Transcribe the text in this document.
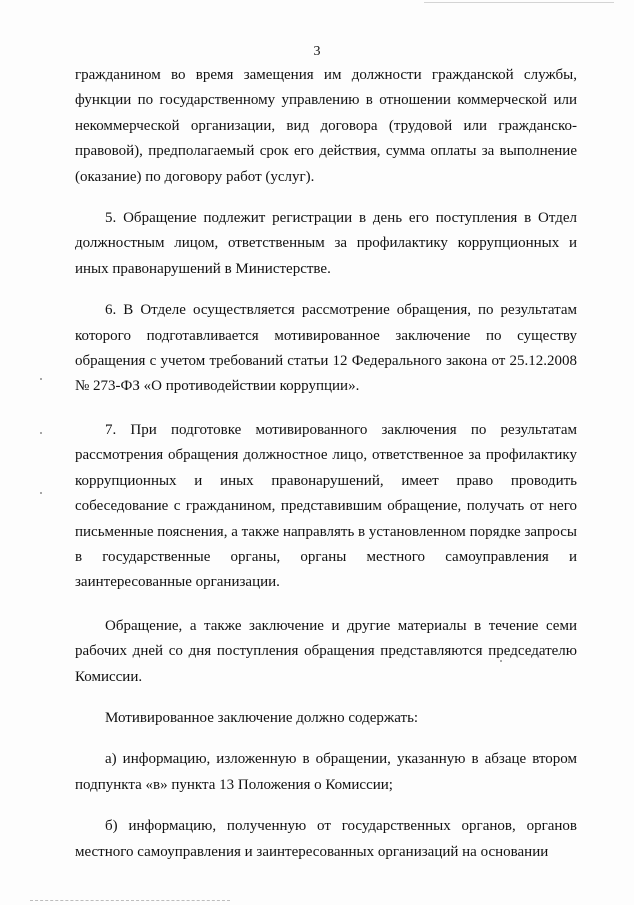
3

гражданином во время замещения им должности гражданской службы, функции по государственному управлению в отношении коммерческой или некоммерческой организации, вид договора (трудовой или гражданско-правовой), предполагаемый срок его действия, сумма оплаты за выполнение (оказание) по договору работ (услуг).

5. Обращение подлежит регистрации в день его поступления в Отдел должностным лицом, ответственным за профилактику коррупционных и иных правонарушений в Министерстве.

6. В Отделе осуществляется рассмотрение обращения, по результатам которого подготавливается мотивированное заключение по существу обращения с учетом требований статьи 12 Федерального закона от 25.12.2008 № 273-ФЗ «О противодействии коррупции».

7. При подготовке мотивированного заключения по результатам рассмотрения обращения должностное лицо, ответственное за профилактику коррупционных и иных правонарушений, имеет право проводить собеседование с гражданином, представившим обращение, получать от него письменные пояснения, а также направлять в установленном порядке запросы в государственные органы, органы местного самоуправления и заинтересованные организации.

Обращение, а также заключение и другие материалы в течение семи рабочих дней со дня поступления обращения представляются председателю Комиссии.

Мотивированное заключение должно содержать:

а) информацию, изложенную в обращении, указанную в абзаце втором подпункта «в» пункта 13 Положения о Комиссии;

б) информацию, полученную от государственных органов, органов местного самоуправления и заинтересованных организаций на основании
